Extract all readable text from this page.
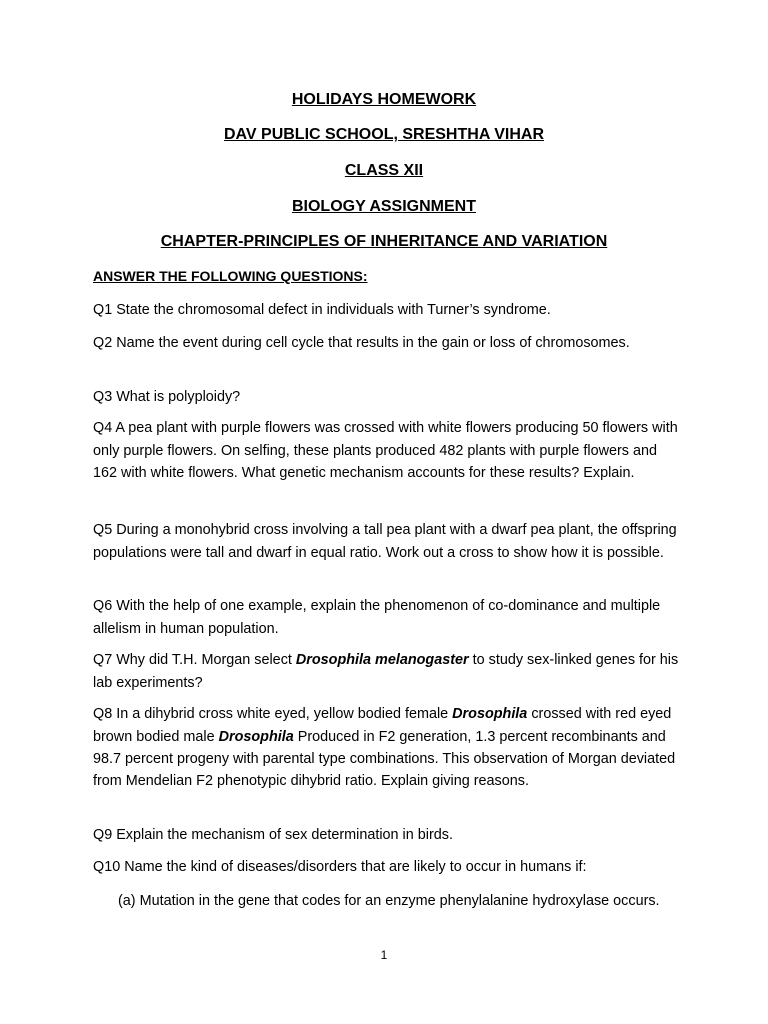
HOLIDAYS HOMEWORK
DAV PUBLIC SCHOOL, SRESHTHA VIHAR
CLASS XII
BIOLOGY ASSIGNMENT
CHAPTER-PRINCIPLES OF INHERITANCE AND VARIATION
ANSWER THE FOLLOWING QUESTIONS:

Q1 State the chromosomal defect in individuals with Turner’s syndrome.

Q2 Name the event during cell cycle that results in the gain or loss of chromosomes.

Q3 What is polyploidy?

Q4 A pea plant with purple flowers was crossed with white flowers producing 50 flowers with only purple flowers. On selfing, these plants produced 482 plants with purple flowers and 162 with white flowers. What genetic mechanism accounts for these results? Explain.

Q5 During a monohybrid cross involving a tall pea plant with a dwarf pea plant, the offspring populations were tall and dwarf in equal ratio. Work out a cross to show how it is possible.

Q6 With the help of one example, explain the phenomenon of co-dominance and multiple allelism in human population.

Q7 Why did T.H. Morgan select Drosophila melanogaster to study sex-linked genes for his lab experiments?

Q8 In a dihybrid cross white eyed, yellow bodied female Drosophila crossed with red eyed brown bodied male Drosophila Produced in F2 generation, 1.3 percent recombinants and 98.7 percent progeny with parental type combinations. This observation of Morgan deviated from Mendelian F2 phenotypic dihybrid ratio. Explain giving reasons.

Q9 Explain the mechanism of sex determination in birds.

Q10 Name the kind of diseases/disorders that are likely to occur in humans if:

(a) Mutation in the gene that codes for an enzyme phenylalanine hydroxylase occurs.

1
